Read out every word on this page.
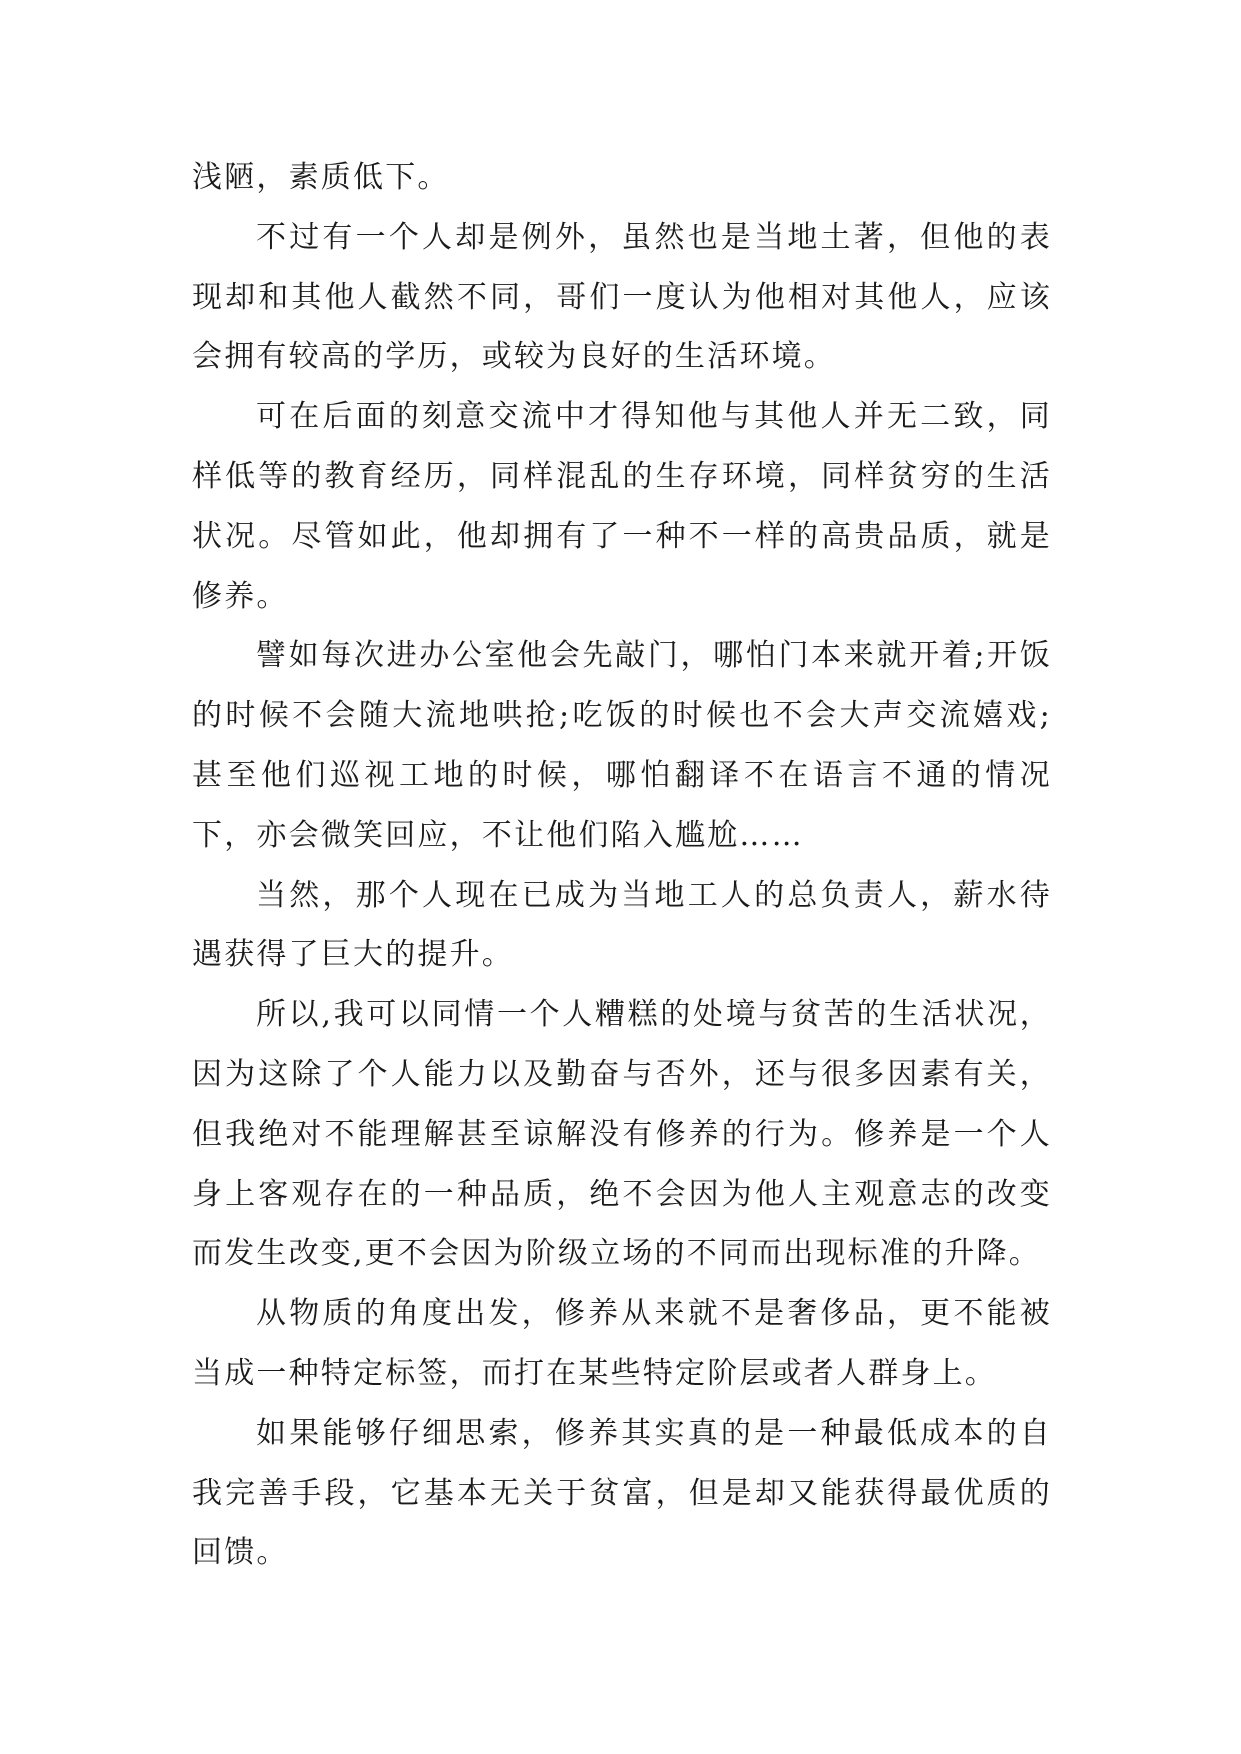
浅陋，素质低下。

不过有一个人却是例外，虽然也是当地土著，但他的表现却和其他人截然不同，哥们一度认为他相对其他人，应该会拥有较高的学历，或较为良好的生活环境。

可在后面的刻意交流中才得知他与其他人并无二致，同样低等的教育经历，同样混乱的生存环境，同样贫穷的生活状况。尽管如此，他却拥有了一种不一样的高贵品质，就是修养。

譬如每次进办公室他会先敲门，哪怕门本来就开着;开饭的时候不会随大流地哄抢;吃饭的时候也不会大声交流嬉戏;甚至他们巡视工地的时候，哪怕翻译不在语言不通的情况下，亦会微笑回应，不让他们陷入尴尬……

当然，那个人现在已成为当地工人的总负责人，薪水待遇获得了巨大的提升。

所以,我可以同情一个人糟糕的处境与贫苦的生活状况，因为这除了个人能力以及勤奋与否外，还与很多因素有关，但我绝对不能理解甚至谅解没有修养的行为。修养是一个人身上客观存在的一种品质，绝不会因为他人主观意志的改变而发生改变,更不会因为阶级立场的不同而出现标准的升降。

从物质的角度出发，修养从来就不是奢侈品，更不能被当成一种特定标签，而打在某些特定阶层或者人群身上。

如果能够仔细思索，修养其实真的是一种最低成本的自我完善手段，它基本无关于贫富，但是却又能获得最优质的回馈。
